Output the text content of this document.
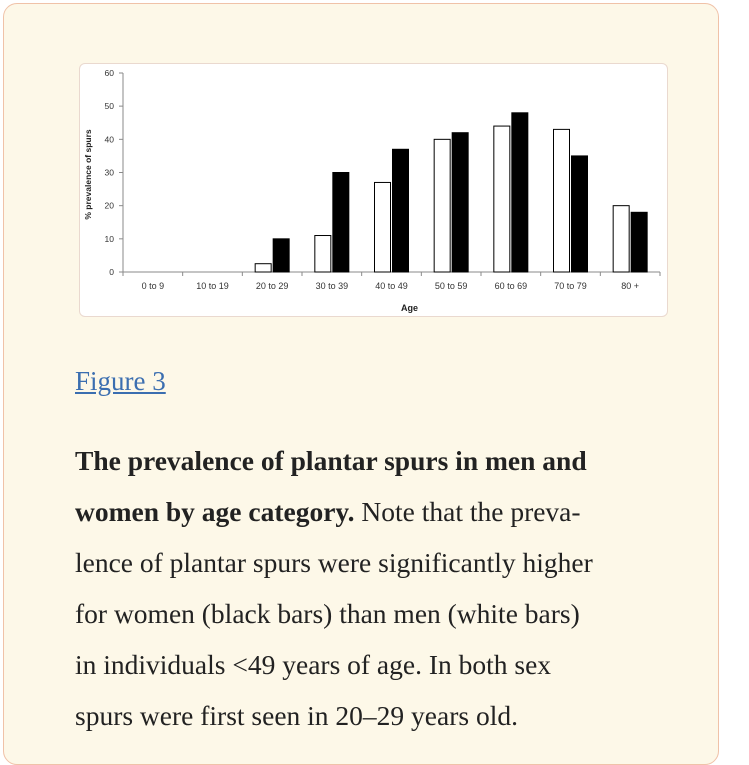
0
10
20
30
40
50
60
0 to 9	10 to 19	20 to 29	30 to 39	40 to 49	50 to 59	60 to 69	70 to 79	80 +
Age
% prevalence of spurs
Figure 3
The prevalence of plantar spurs in men and women by age category. Note that the preva-
lence of plantar spurs were significantly higher
for women (black bars) than men (white bars)
in individuals <49 years of age. In both sex
spurs were first seen in 20–29 years old.
